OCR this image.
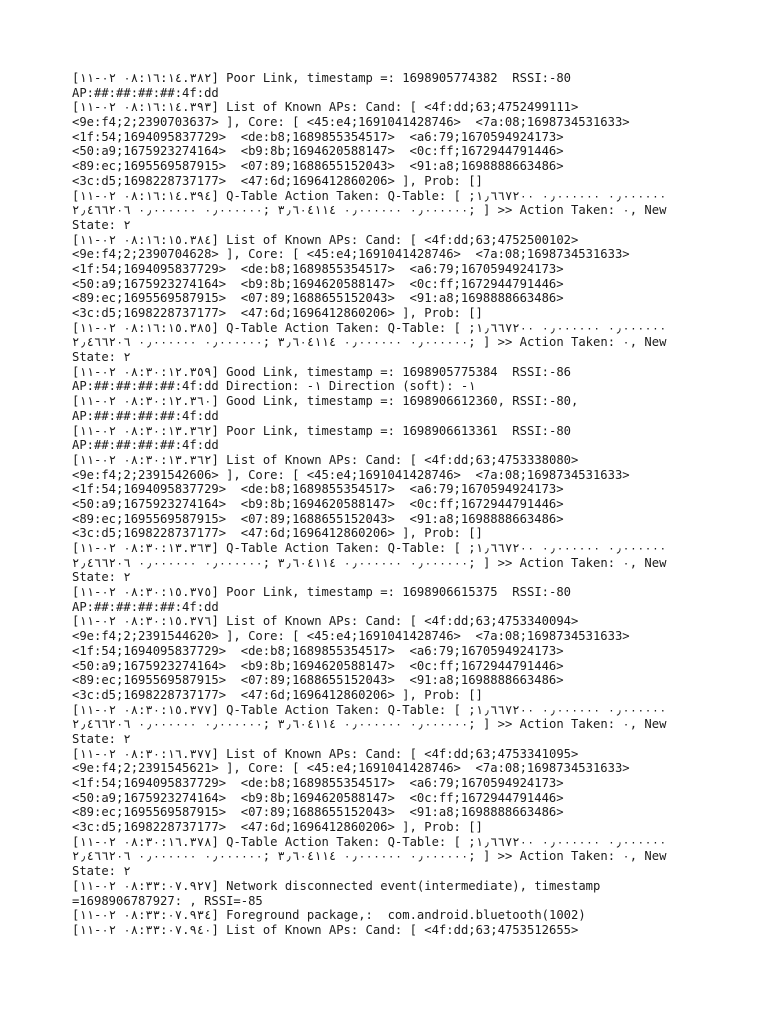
[٠٨:١٦:١٤.٣٨٢ ٠٢-١١] Poor Link, timestamp =: 1698905774382  RSSI:-80
AP:##:##:##:##:4f:dd
[٠٨:١٦:١٤.٣٩٣ ٠٢-١١] List of Known APs: Cand: [ <4f:dd;63;4752499111>
<9e:f4;2;2390703637> ], Core: [ <45:e4;1691041428746>  <7a:08;1698734531633>
<1f:54;1694095837729>  <de:b8;1689855354517>  <a6:79;1670594924173>
<50:a9;1675923274164>  <b9:8b;1694620588147>  <0c:ff;1672944791446>
<89:ec;1695569587915>  <07:89;1688655152043>  <91:a8;1698888663486>
<3c:d5;1698228737177>  <47:6d;1696412860206> ], Prob: []
[٠٨:١٦:١٤.٣٩٤ ٠٢-١١] Q-Table Action Taken: Q-Table: [ ;٠٫٠٠٠٠٠٠ ٠٫٠٠٠٠٠٠ ١٫٦٦٧٢٠٠
٠٫٠٠٠٠٠٠ ٠٫٠٠٠٠٠٠ ٣٫٦٠٤١١٤ ;٠٫٠٠٠٠٠٠ ٠٫٠٠٠٠٠٠ ٢٫٤٦٦٢٠٦; ] >> Action Taken: ٠, New
State: ٢
[٠٨:١٦:١٥.٣٨٤ ٠٢-١١] List of Known APs: Cand: [ <4f:dd;63;4752500102>
<9e:f4;2;2390704628> ], Core: [ <45:e4;1691041428746>  <7a:08;1698734531633>
<1f:54;1694095837729>  <de:b8;1689855354517>  <a6:79;1670594924173>
<50:a9;1675923274164>  <b9:8b;1694620588147>  <0c:ff;1672944791446>
<89:ec;1695569587915>  <07:89;1688655152043>  <91:a8;1698888663486>
<3c:d5;1698228737177>  <47:6d;1696412860206> ], Prob: []
[٠٨:١٦:١٥.٣٨٥ ٠٢-١١] Q-Table Action Taken: Q-Table: [ ;٠٫٠٠٠٠٠٠ ٠٫٠٠٠٠٠٠ ١٫٦٦٧٢٠٠
٠٫٠٠٠٠٠٠ ٠٫٠٠٠٠٠٠ ٣٫٦٠٤١١٤ ;٠٫٠٠٠٠٠٠ ٠٫٠٠٠٠٠٠ ٢٫٤٦٦٢٠٦; ] >> Action Taken: ٠, New
State: ٢
[٠٨:٣٠:١٢.٣٥٩ ٠٢-١١] Good Link, timestamp =: 1698905775384  RSSI:-86
AP:##:##:##:##:4f:dd Direction: -١ Direction (soft): -١
[٠٨:٣٠:١٢.٣٦٠ ٠٢-١١] Good Link, timestamp =: 1698906612360, RSSI:-80,
AP:##:##:##:##:4f:dd
[٠٨:٣٠:١٣.٣٦٢ ٠٢-١١] Poor Link, timestamp =: 1698906613361  RSSI:-80
AP:##:##:##:##:4f:dd
[٠٨:٣٠:١٣.٣٦٢ ٠٢-١١] List of Known APs: Cand: [ <4f:dd;63;4753338080>
<9e:f4;2;2391542606> ], Core: [ <45:e4;1691041428746>  <7a:08;1698734531633>
<1f:54;1694095837729>  <de:b8;1689855354517>  <a6:79;1670594924173>
<50:a9;1675923274164>  <b9:8b;1694620588147>  <0c:ff;1672944791446>
<89:ec;1695569587915>  <07:89;1688655152043>  <91:a8;1698888663486>
<3c:d5;1698228737177>  <47:6d;1696412860206> ], Prob: []
[٠٨:٣٠:١٣.٣٦٣ ٠٢-١١] Q-Table Action Taken: Q-Table: [ ;٠٫٠٠٠٠٠٠ ٠٫٠٠٠٠٠٠ ١٫٦٦٧٢٠٠
٠٫٠٠٠٠٠٠ ٠٫٠٠٠٠٠٠ ٣٫٦٠٤١١٤ ;٠٫٠٠٠٠٠٠ ٠٫٠٠٠٠٠٠ ٢٫٤٦٦٢٠٦; ] >> Action Taken: ٠, New
State: ٢
[٠٨:٣٠:١٥.٣٧٥ ٠٢-١١] Poor Link, timestamp =: 1698906615375  RSSI:-80
AP:##:##:##:##:4f:dd
[٠٨:٣٠:١٥.٣٧٦ ٠٢-١١] List of Known APs: Cand: [ <4f:dd;63;4753340094>
<9e:f4;2;2391544620> ], Core: [ <45:e4;1691041428746>  <7a:08;1698734531633>
<1f:54;1694095837729>  <de:b8;1689855354517>  <a6:79;1670594924173>
<50:a9;1675923274164>  <b9:8b;1694620588147>  <0c:ff;1672944791446>
<89:ec;1695569587915>  <07:89;1688655152043>  <91:a8;1698888663486>
<3c:d5;1698228737177>  <47:6d;1696412860206> ], Prob: []
[٠٨:٣٠:١٥.٣٧٧ ٠٢-١١] Q-Table Action Taken: Q-Table: [ ;٠٫٠٠٠٠٠٠ ٠٫٠٠٠٠٠٠ ١٫٦٦٧٢٠٠
٠٫٠٠٠٠٠٠ ٠٫٠٠٠٠٠٠ ٣٫٦٠٤١١٤ ;٠٫٠٠٠٠٠٠ ٠٫٠٠٠٠٠٠ ٢٫٤٦٦٢٠٦; ] >> Action Taken: ٠, New
State: ٢
[٠٨:٣٠:١٦.٣٧٧ ٠٢-١١] List of Known APs: Cand: [ <4f:dd;63;4753341095>
<9e:f4;2;2391545621> ], Core: [ <45:e4;1691041428746>  <7a:08;1698734531633>
<1f:54;1694095837729>  <de:b8;1689855354517>  <a6:79;1670594924173>
<50:a9;1675923274164>  <b9:8b;1694620588147>  <0c:ff;1672944791446>
<89:ec;1695569587915>  <07:89;1688655152043>  <91:a8;1698888663486>
<3c:d5;1698228737177>  <47:6d;1696412860206> ], Prob: []
[٠٨:٣٠:١٦.٣٧٨ ٠٢-١١] Q-Table Action Taken: Q-Table: [ ;٠٫٠٠٠٠٠٠ ٠٫٠٠٠٠٠٠ ١٫٦٦٧٢٠٠
٠٫٠٠٠٠٠٠ ٠٫٠٠٠٠٠٠ ٣٫٦٠٤١١٤ ;٠٫٠٠٠٠٠٠ ٠٫٠٠٠٠٠٠ ٢٫٤٦٦٢٠٦; ] >> Action Taken: ٠, New
State: ٢
[٠٨:٣٣:٠٧.٩٢٧ ٠٢-١١] Network disconnected event(intermediate), timestamp
=1698906787927: , RSSI=-85
[٠٨:٣٣:٠٧.٩٣٤ ٠٢-١١] Foreground package,:  com.android.bluetooth(1002)
[٠٨:٣٣:٠٧.٩٤٠ ٠٢-١١] List of Known APs: Cand: [ <4f:dd;63;4753512655>
